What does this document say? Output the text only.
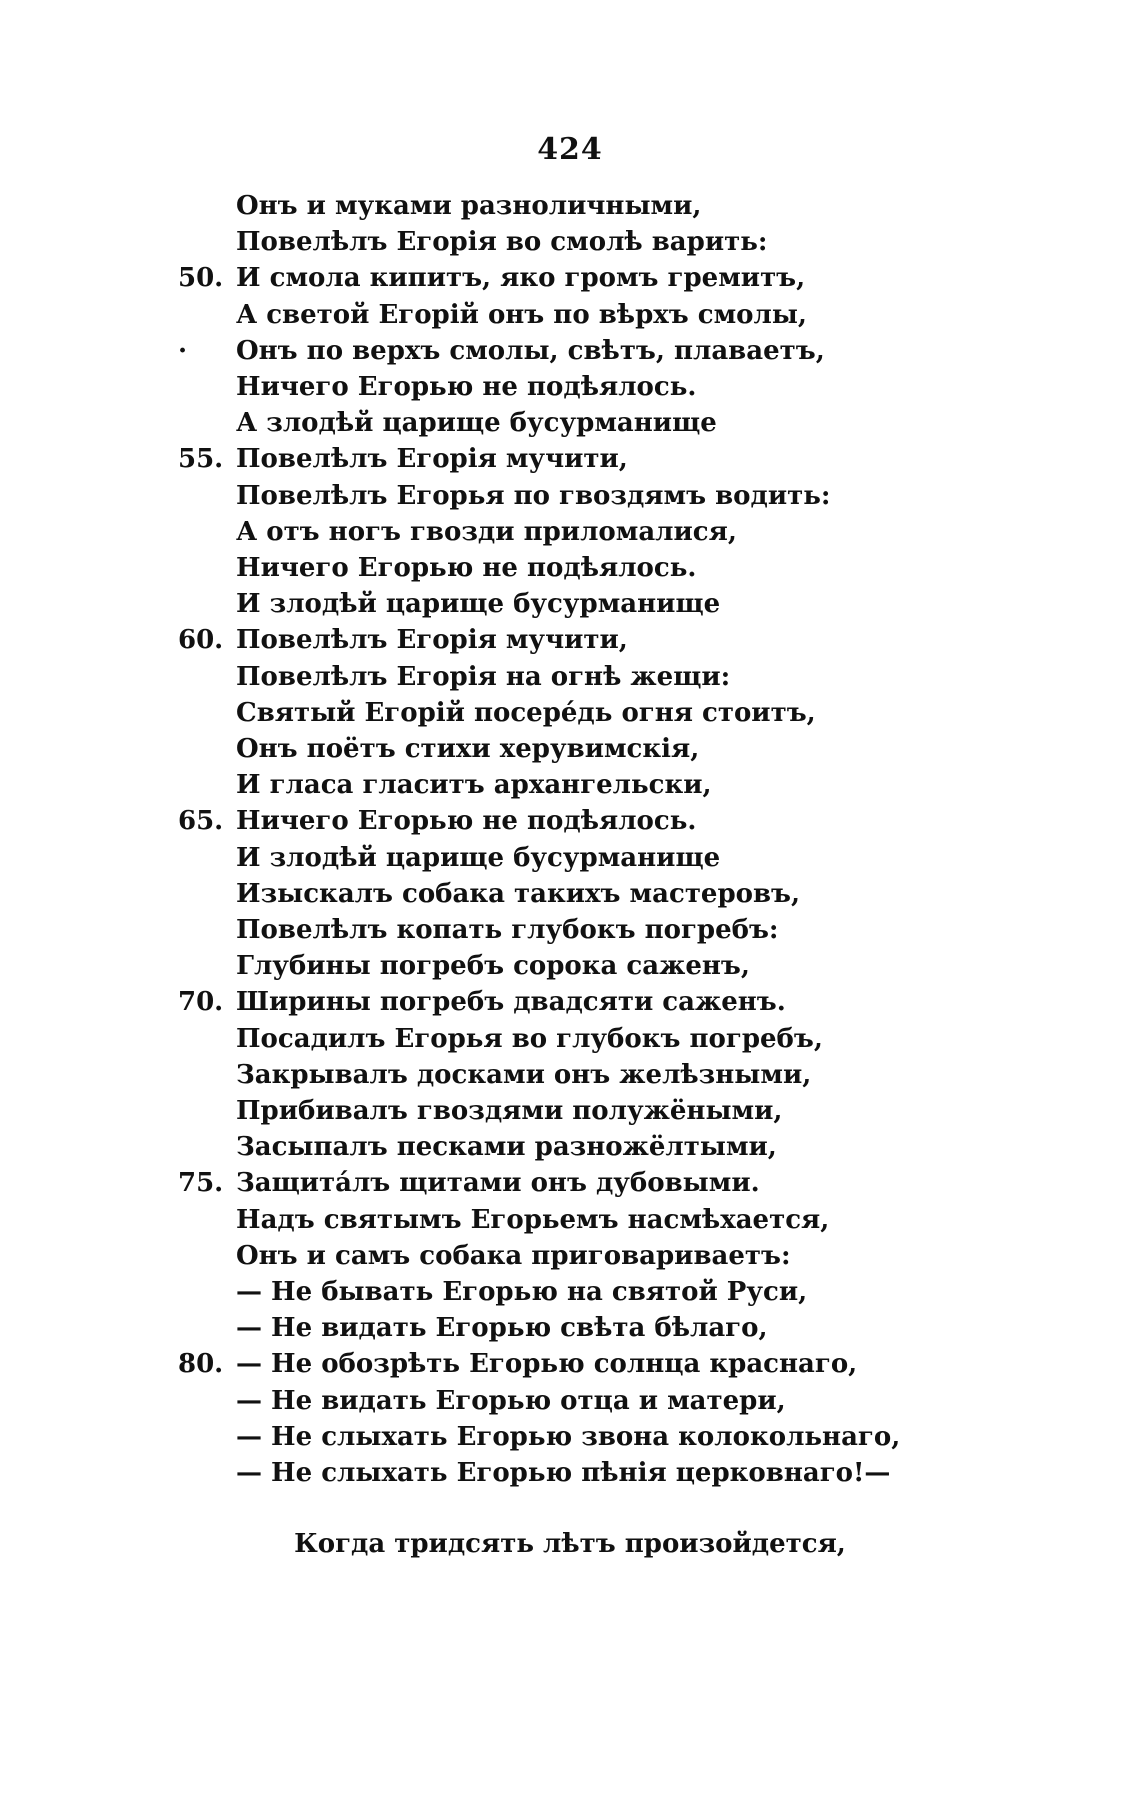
424
Онъ и муками разноличными,
Повелѣлъ Егорія во смолѣ варить:
50. И смола кипитъ, яко громъ гремитъ,
А светой Егорій онъ по вѣрхъ смолы,
·	Онъ по верхъ смолы, свѣтъ, плаваетъ,
Ничего Егорью не подѣялось.
А злодѣй царище бусурманище
55. Повелѣлъ Егорія мучити,
Повелѣлъ Егорья по гвоздямъ водить:
А отъ ногъ гвозди приломалися,
Ничего Егорью не подѣялось.
И злодѣй царище бусурманище
60. Повелѣлъ Егорія мучити,
Повелѣлъ Егорія на огнѣ жещи:
Святый Егорій посерéдь огня стоитъ,
Онъ поётъ стихи херувимскія,
И гласа гласитъ архангельски,
65. Ничего Егорью не подѣялось.
И злодѣй царище бусурманище
Изыскалъ собака такихъ мастеровъ,
Повелѣлъ копать глубокъ погребъ:
Глубины погребъ сорока саженъ,
70. Ширины погребъ двадсяти саженъ.
Посадилъ Егорья во глубокъ погребъ,
Закрывалъ досками онъ желѣзными,
Прибивалъ гвоздями полужёными,
Засыпалъ песками разножёлтыми,
75. Защитáлъ щитами онъ дубовыми.
Надъ святымъ Егорьемъ насмѣхается,
Онъ и самъ собака приговариваетъ:
— Не бывать Егорью на святой Руси,
— Не видать Егорью свѣта бѣлаго,
80. — Не обозрѣть Егорью солнца краснаго,
— Не видать Егорью отца и матери,
— Не слыхать Егорью звона колокольнаго,
— Не слыхать Егорью пѣнія церковнаго!—
Когда тридсять лѣтъ произойдется,
